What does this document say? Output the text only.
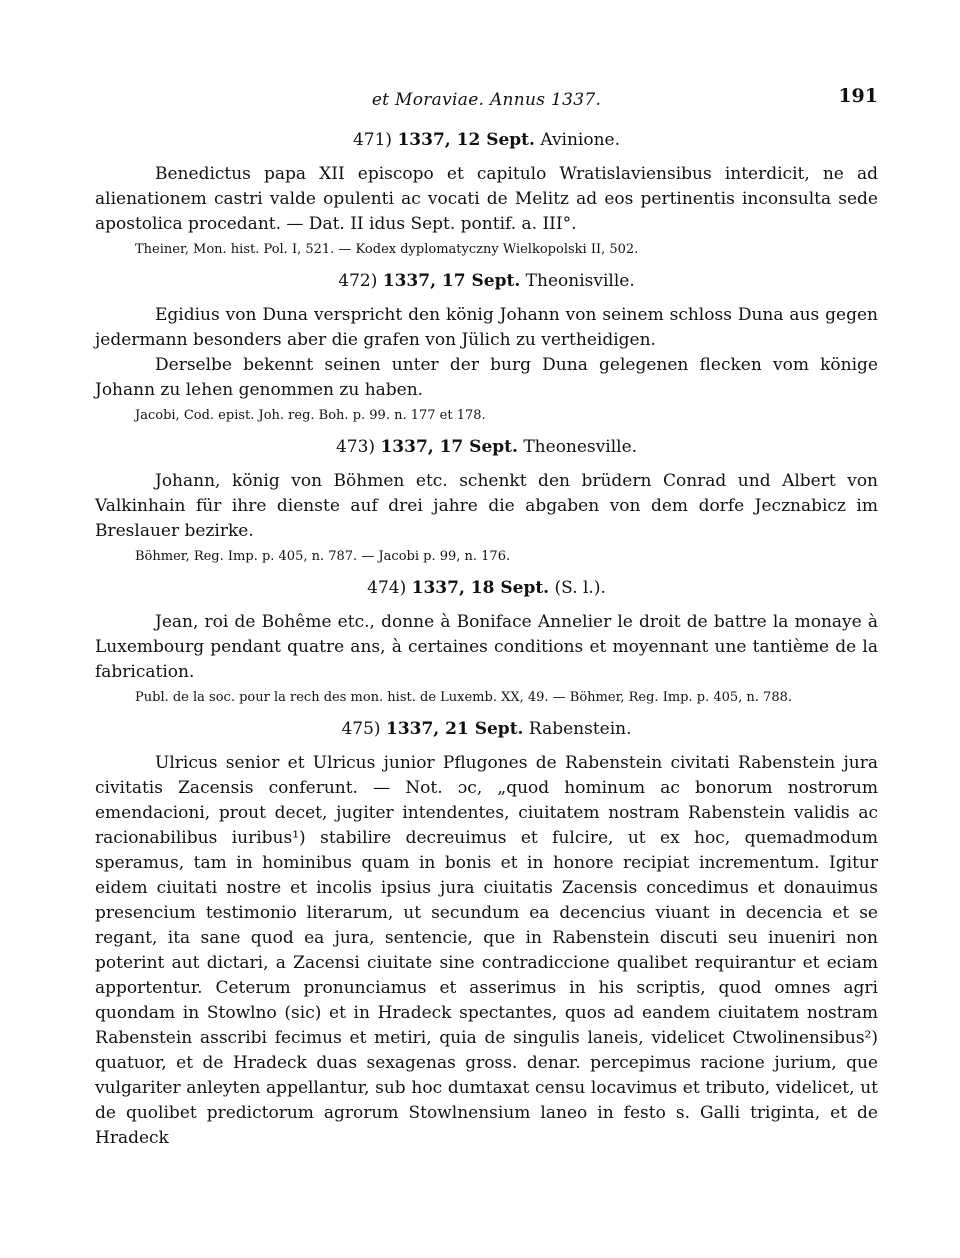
et Moraviae. Annus 1337.	191
471) 1337, 12 Sept. Avinione.

Benedictus papa XII episcopo et capitulo Wratislaviensibus interdicit, ne ad alienationem castri valde opulenti ac vocati de Melitz ad eos pertinentis inconsulta sede apostolica procedant. — Dat. II idus Sept. pontif. a. III°.

Theiner, Mon. hist. Pol. I, 521. — Kodex dyplomatyczny Wielkopolski II, 502.
472) 1337, 17 Sept. Theonisville.

Egidius von Duna verspricht den könig Johann von seinem schloss Duna aus gegen jedermann besonders aber die grafen von Jülich zu vertheidigen.

Derselbe bekennt seinen unter der burg Duna gelegenen flecken vom könige Johann zu lehen genommen zu haben.

Jacobi, Cod. epist. Joh. reg. Boh. p. 99. n. 177 et 178.
473) 1337, 17 Sept. Theonesville.

Johann, könig von Böhmen etc. schenkt den brüdern Conrad und Albert von Valkinhain für ihre dienste auf drei jahre die abgaben von dem dorfe Jecznabicz im Breslauer bezirke.

Böhmer, Reg. Imp. p. 405, n. 787. — Jacobi p. 99, n. 176.
474) 1337, 18 Sept. (S. l.).

Jean, roi de Bohême etc., donne à Boniface Annelier le droit de battre la monaye à Luxembourg pendant quatre ans, à certaines conditions et moyennant une tantième de la fabrication.

Publ. de la soc. pour la rech des mon. hist. de Luxemb. XX, 49. — Böhmer, Reg. Imp. p. 405, n. 788.
475) 1337, 21 Sept. Rabenstein.

Ulricus senior et Ulricus junior Pflugones de Rabenstein civitati Rabenstein jura civitatis Zacensis conferunt. — Not. ɔc, „quod hominum ac bonorum nostrorum emendacioni, prout decet, jugiter intendentes, ciuitatem nostram Rabenstein validis ac racionabilibus iuribus¹) stabilire decreuimus et fulcire, ut ex hoc, quemadmodum speramus, tam in hominibus quam in bonis et in honore recipiat incrementum. Igitur eidem ciuitati nostre et incolis ipsius jura ciuitatis Zacensis concedimus et donauimus presencium testimonio literarum, ut secundum ea decencius viuant in decencia et se regant, ita sane quod ea jura, sentencie, que in Rabenstein discuti seu inueniri non poterint aut dictari, a Zacensi ciuitate sine contradiccione qualibet requirantur et eciam apportentur. Ceterum pronunciamus et asserimus in his scriptis, quod omnes agri quondam in Stowlno (sic) et in Hradeck spectantes, quos ad eandem ciuitatem nostram Rabenstein asscribi fecimus et metiri, quia de singulis laneis, videlicet Ctwolinensibus²) quatuor, et de Hradeck duas sexagenas gross. denar. percepimus racione jurium, que vulgariter anleyten appellantur, sub hoc dumtaxat censu locavimus et tributo, videlicet, ut de quolibet predictorum agrorum Stowlnensium laneo in festo s. Galli triginta, et de Hradeck
